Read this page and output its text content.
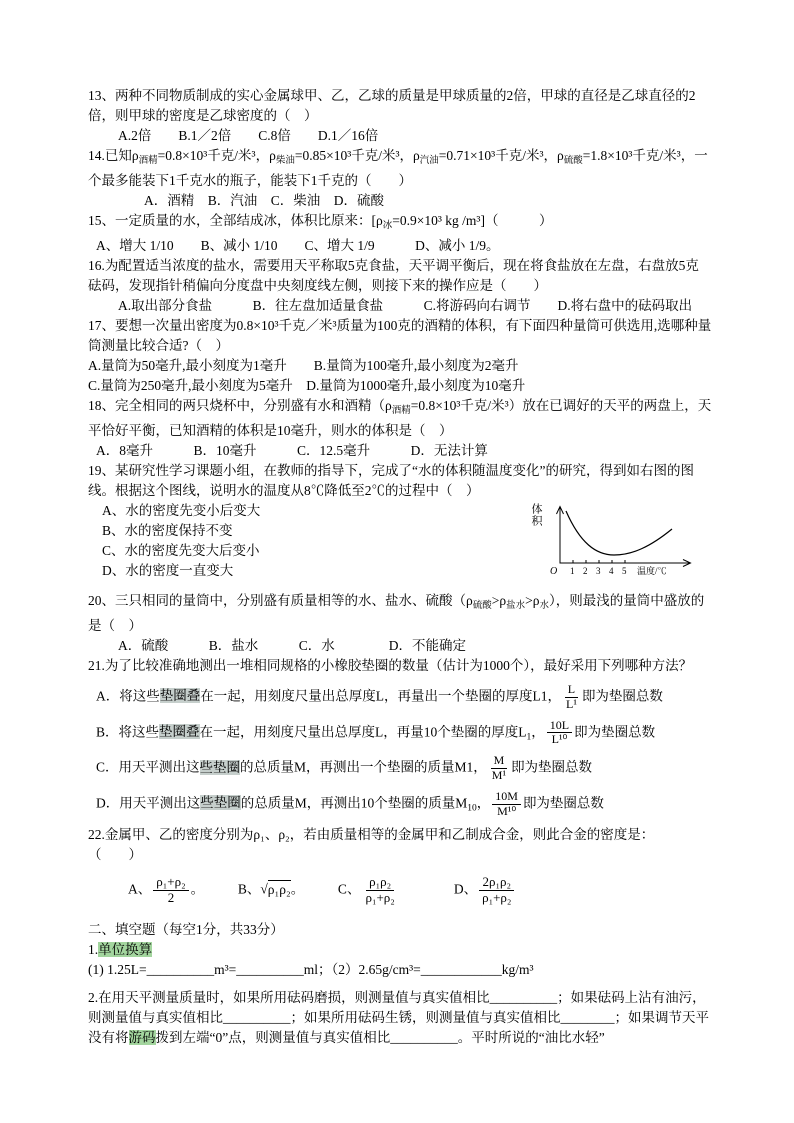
13、两种不同物质制成的实心金属球甲、乙，乙球的质量是甲球质量的2倍，甲球的直径是乙球直径的2倍，则甲球的密度是乙球密度的（　）

A.2倍　　B.1／2倍　　C.8倍　　D.1／16倍

14.已知$\rho_{酒精}=0.8\times 10^3$千克/米³，$\rho_{柴油}=0.85\times 10^3$千克/米³，$\rho_{汽油}=0.71\times 10^3$千克/米³，$\rho_{硫酸}=1.8\times 10^3$千克/米³，一个最多能装下1千克水的瓶子，能装下1千克的（　　）

A．酒精　B．汽油　C．柴油　D．硫酸

15、一定质量的水，全部结成冰，体积比原来：[$\rho_冰=0.9\times 10^3$ kg /m³]（　　　）

A、增大 1/10　　B、减小 1/10　　C、增大 1/9　　　D、减小 1/9。

16.为配置适当浓度的盐水，需要用天平称取5克食盐，天平调平衡后，现在将食盐放在左盘，右盘放5克砝码，发现指针稍偏向分度盘中央刻度线左侧，则接下来的操作应是（　　）

A.取出部分食盐　　　B．往左盘加适量食盐　　　C.将游码向右调节　　D.将右盘中的砝码取出

17、要想一次量出密度为0.8×10³千克／米³质量为100克的酒精的体积，有下面四种量筒可供选用,选哪种量筒测量比较合适?（　）

A.量筒为50毫升,最小刻度为1毫升　　B.量筒为100毫升,最小刻度为2毫升

C.量筒为250毫升,最小刻度为5毫升　D.量筒为1000毫升,最小刻度为10毫升

18、完全相同的两只烧杯中，分别盛有水和酒精（$\rho_{酒精}=0.8\times 10^3$千克/米³）放在已调好的天平的两盘上，天平恰好平衡，已知酒精的体积是10毫升，则水的体积是（　）

A．8毫升　　　B．10毫升　　　C．12.5毫升　　　D．无法计算

19、某研究性学习课题小组，在教师的指导下，完成了“水的体积随温度变化”的研究，得到如右图的图线。根据这个图线，说明水的温度从8℃降低至2℃的过程中（　）

体积
O 1 2 3 4 5 温度/℃

A、水的密度先变小后变大

B、水的密度保持不变

C、水的密度先变大后变小

D、水的密度一直变大

20、三只相同的量筒中，分别盛有质量相等的水、盐水、硫酸$(\rho_{硫酸}>\rho_{盐水}>\rho_水)$，则最浅的量筒中盛放的是（　）

A．硫酸　　　B．盐水　　　C．水　　　　D．不能确定

21.为了比较准确地测出一堆相同规格的小橡胶垫圈的数量（估计为1000个），最好采用下列哪种方法？

A．将这些垫圈叠在一起，用刻度尺量出总厚度L，再量出一个垫圈的厚度L1， $\frac{L}{\text{L¹}}$ 即为垫圈总数

B．将这些垫圈叠在一起，用刻度尺量出总厚度L，再量10个垫圈的厚度$L_1$， $\frac{10L}{\text{L¹⁰}}$ 即为垫圈总数

C．用天平测出这些垫圈的总质量M，再测出一个垫圈的质量M1， $\frac{M}{\text{M¹}}$ 即为垫圈总数

D．用天平测出这些垫圈的总质量M，再测出10个垫圈的质量$M_{10}$， $\frac{10M}{\text{M¹⁰}}$ 即为垫圈总数

22.金属甲、乙的密度分别为ρ₁、ρ₂，若由质量相等的金属甲和乙制成合金，则此合金的密度是：

（　　）

A、 $\frac{\text{ρ₁+ρ₂}}{2}$ 。　　　B、√ρ₁ρ₂。　　　C、 $\frac{\text{ρ₁ρ₂}}{\text{ρ₁+ρ₂}}$ 　　　　D、 $\frac{\text{2ρ₁ρ₂}}{\text{ρ₁+ρ₂}}$

二、填空题（每空1分，共33分）

1.单位换算

(1) 1.25L=__________m³=__________ml；（2）2.65g/cm³=____________kg/m³

2.在用天平测量质量时，如果所用砝码磨损，则测量值与真实值相比__________；如果砝码上沾有油污，则测量值与真实值相比__________；如果所用砝码生锈，则测量值与真实值相比________；如果调节天平没有将游码拨到左端“0”点，则测量值与真实值相比__________。平时所说的“油比水轻”
